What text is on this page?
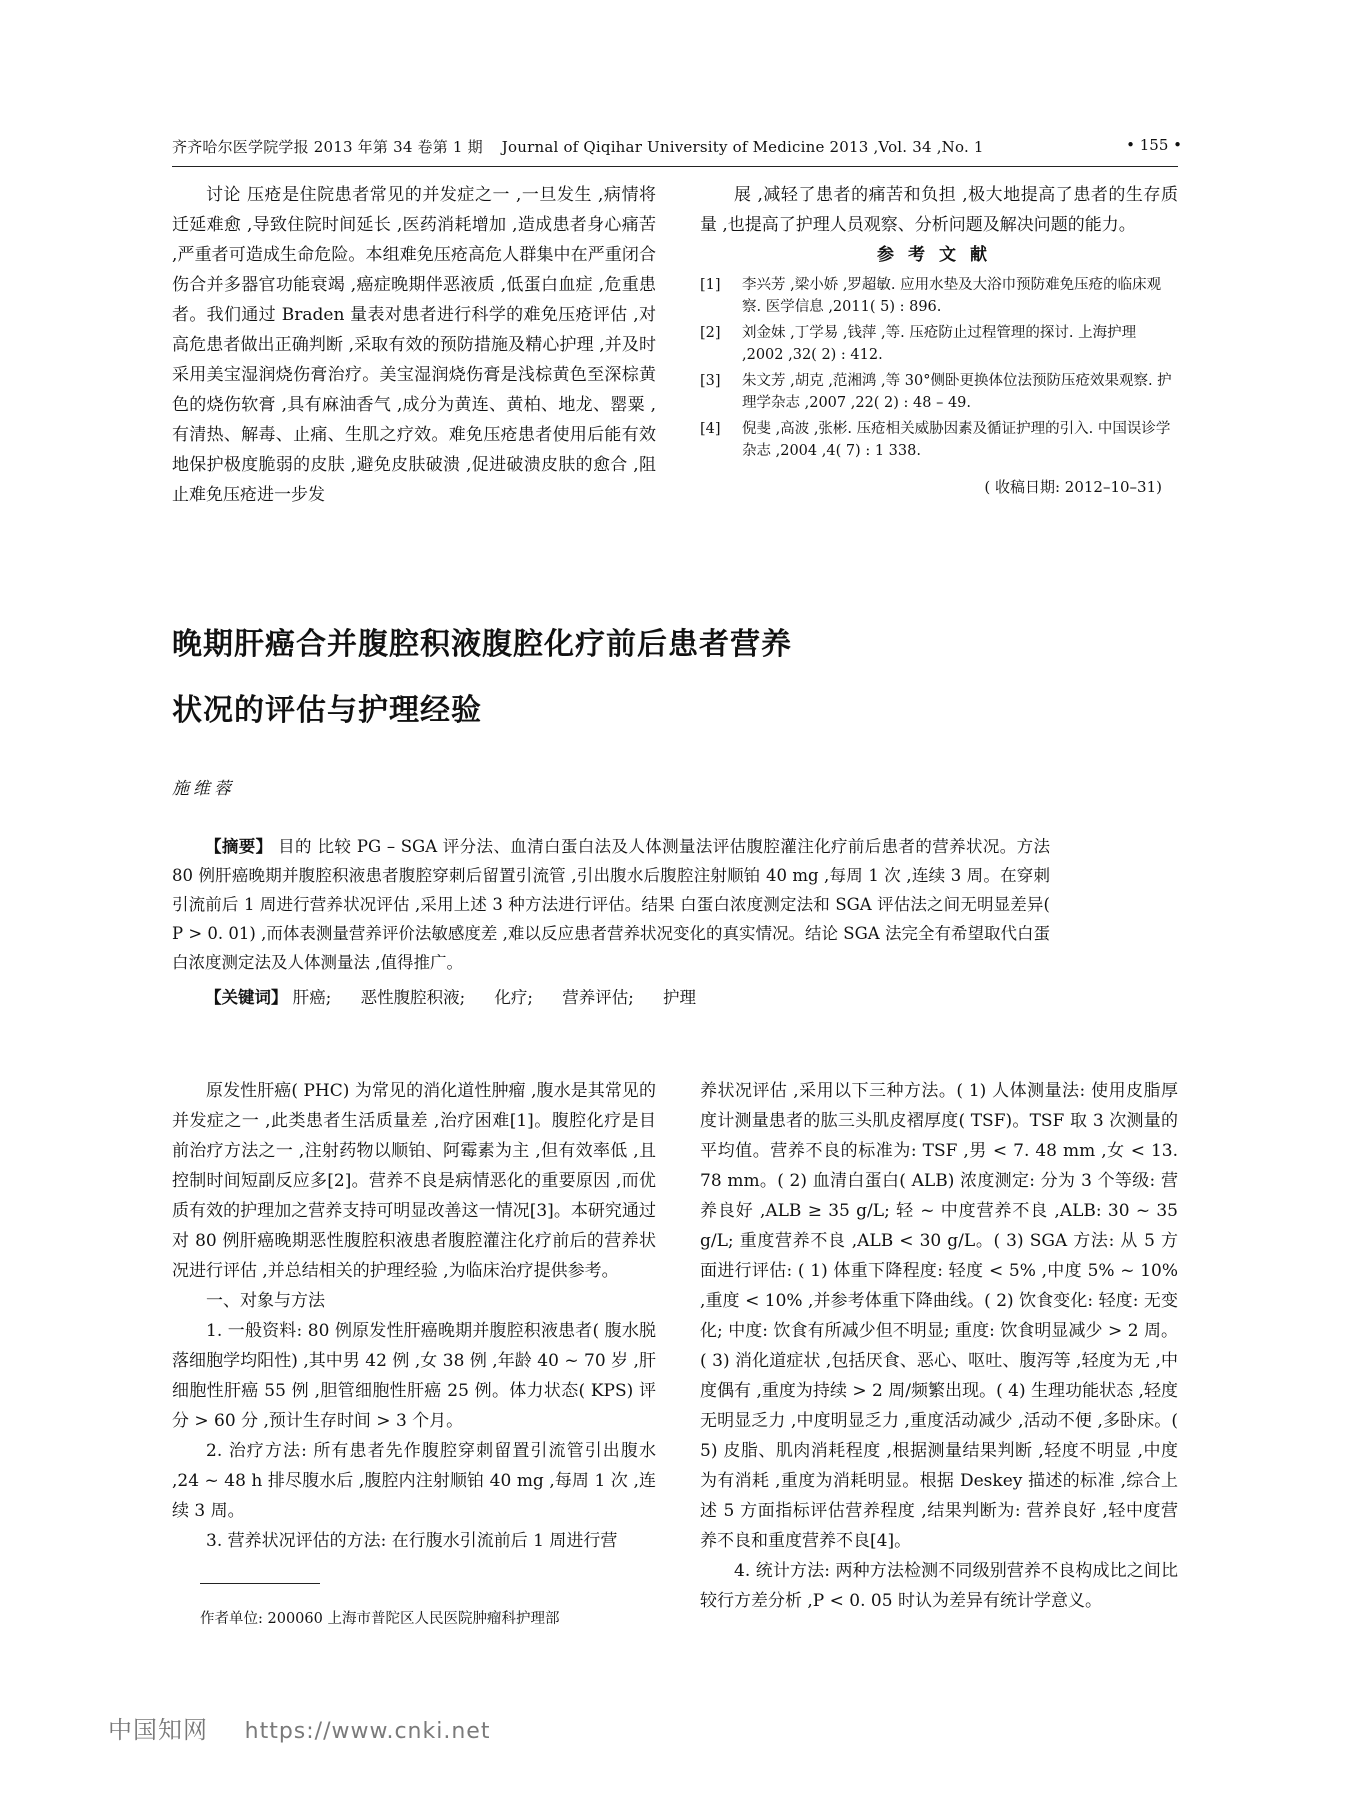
齐齐哈尔医学院学报 2013 年第 34 卷第 1 期 Journal of Qiqihar University of Medicine 2013 ,Vol. 34 ,No. 1	• 155 •

讨论 压疮是住院患者常见的并发症之一 ,一旦发生 ,病情将迁延难愈 ,导致住院时间延长 ,医药消耗增加 ,造成患者身心痛苦 ,严重者可造成生命危险。本组难免压疮高危人群集中在严重闭合伤合并多器官功能衰竭 ,癌症晚期伴恶液质 ,低蛋白血症 ,危重患者。我们通过 Braden 量表对患者进行科学的难免压疮评估 ,对高危患者做出正确判断 ,采取有效的预防措施及精心护理 ,并及时采用美宝湿润烧伤膏治疗。美宝湿润烧伤膏是浅棕黄色至深棕黄色的烧伤软膏 ,具有麻油香气 ,成分为黄连、黄柏、地龙、罂粟 ,有清热、解毒、止痛、生肌之疗效。难免压疮患者使用后能有效地保护极度脆弱的皮肤 ,避免皮肤破溃 ,促进破溃皮肤的愈合 ,阻止难免压疮进一步发

展 ,减轻了患者的痛苦和负担 ,极大地提高了患者的生存质量 ,也提高了护理人员观察、分析问题及解决问题的能力。

参考文献
[1]	李兴芳 ,梁小娇 ,罗超敏. 应用水垫及大浴巾预防难免压疮的临床观察. 医学信息 ,2011( 5) : 896.
[2]	刘金妹 ,丁学易 ,钱萍 ,等. 压疮防止过程管理的探讨. 上海护理 ,2002 ,32( 2) : 412.
[3]	朱文芳 ,胡克 ,范湘鸿 ,等 30°侧卧更换体位法预防压疮效果观察. 护理学杂志 ,2007 ,22( 2) : 48 – 49.
[4]	倪斐 ,高波 ,张彬. 压疮相关威胁因素及循证护理的引入. 中国误诊学杂志 ,2004 ,4( 7) : 1 338.
( 收稿日期: 2012–10–31)
晚期肝癌合并腹腔积液腹腔化疗前后患者营养
状况的评估与护理经验
施维蓉

【摘要】 目的 比较 PG – SGA 评分法、血清白蛋白法及人体测量法评估腹腔灌注化疗前后患者的营养状况。方法 80 例肝癌晚期并腹腔积液患者腹腔穿刺后留置引流管 ,引出腹水后腹腔注射顺铂 40 mg ,每周 1 次 ,连续 3 周。在穿刺引流前后 1 周进行营养状况评估 ,采用上述 3 种方法进行评估。结果 白蛋白浓度测定法和 SGA 评估法之间无明显差异( P > 0. 01) ,而体表测量营养评价法敏感度差 ,难以反应患者营养状况变化的真实情况。结论 SGA 法完全有希望取代白蛋白浓度测定法及人体测量法 ,值得推广。

【关键词】 肝癌; 恶性腹腔积液; 化疗; 营养评估; 护理

原发性肝癌( PHC) 为常见的消化道性肿瘤 ,腹水是其常见的并发症之一 ,此类患者生活质量差 ,治疗困难[1]。腹腔化疗是目前治疗方法之一 ,注射药物以顺铂、阿霉素为主 ,但有效率低 ,且控制时间短副反应多[2]。营养不良是病情恶化的重要原因 ,而优质有效的护理加之营养支持可明显改善这一情况[3]。本研究通过对 80 例肝癌晚期恶性腹腔积液患者腹腔灌注化疗前后的营养状况进行评估 ,并总结相关的护理经验 ,为临床治疗提供参考。

一、对象与方法

1. 一般资料: 80 例原发性肝癌晚期并腹腔积液患者( 腹水脱落细胞学均阳性) ,其中男 42 例 ,女 38 例 ,年龄 40 ~ 70 岁 ,肝细胞性肝癌 55 例 ,胆管细胞性肝癌 25 例。体力状态( KPS) 评分 > 60 分 ,预计生存时间 > 3 个月。

2. 治疗方法: 所有患者先作腹腔穿刺留置引流管引出腹水 ,24 ~ 48 h 排尽腹水后 ,腹腔内注射顺铂 40 mg ,每周 1 次 ,连续 3 周。

3. 营养状况评估的方法: 在行腹水引流前后 1 周进行营

养状况评估 ,采用以下三种方法。( 1) 人体测量法: 使用皮脂厚度计测量患者的肱三头肌皮褶厚度( TSF)。TSF 取 3 次测量的平均值。营养不良的标准为: TSF ,男 < 7. 48 mm ,女 < 13. 78 mm。( 2) 血清白蛋白( ALB) 浓度测定: 分为 3 个等级: 营养良好 ,ALB ≥ 35 g/L; 轻 ~ 中度营养不良 ,ALB: 30 ~ 35 g/L; 重度营养不良 ,ALB < 30 g/L。( 3) SGA 方法: 从 5 方面进行评估: ( 1) 体重下降程度: 轻度 < 5% ,中度 5% ~ 10% ,重度 < 10% ,并参考体重下降曲线。( 2) 饮食变化: 轻度: 无变化; 中度: 饮食有所减少但不明显; 重度: 饮食明显减少 > 2 周。( 3) 消化道症状 ,包括厌食、恶心、呕吐、腹泻等 ,轻度为无 ,中度偶有 ,重度为持续 > 2 周/频繁出现。( 4) 生理功能状态 ,轻度无明显乏力 ,中度明显乏力 ,重度活动减少 ,活动不便 ,多卧床。( 5) 皮脂、肌肉消耗程度 ,根据测量结果判断 ,轻度不明显 ,中度为有消耗 ,重度为消耗明显。根据 Deskey 描述的标准 ,综合上述 5 方面指标评估营养程度 ,结果判断为: 营养良好 ,轻中度营养不良和重度营养不良[4]。

4. 统计方法: 两种方法检测不同级别营养不良构成比之间比较行方差分析 ,P < 0. 05 时认为差异有统计学意义。

作者单位: 200060 上海市普陀区人民医院肿瘤科护理部
中国知网 https://www.cnki.net
